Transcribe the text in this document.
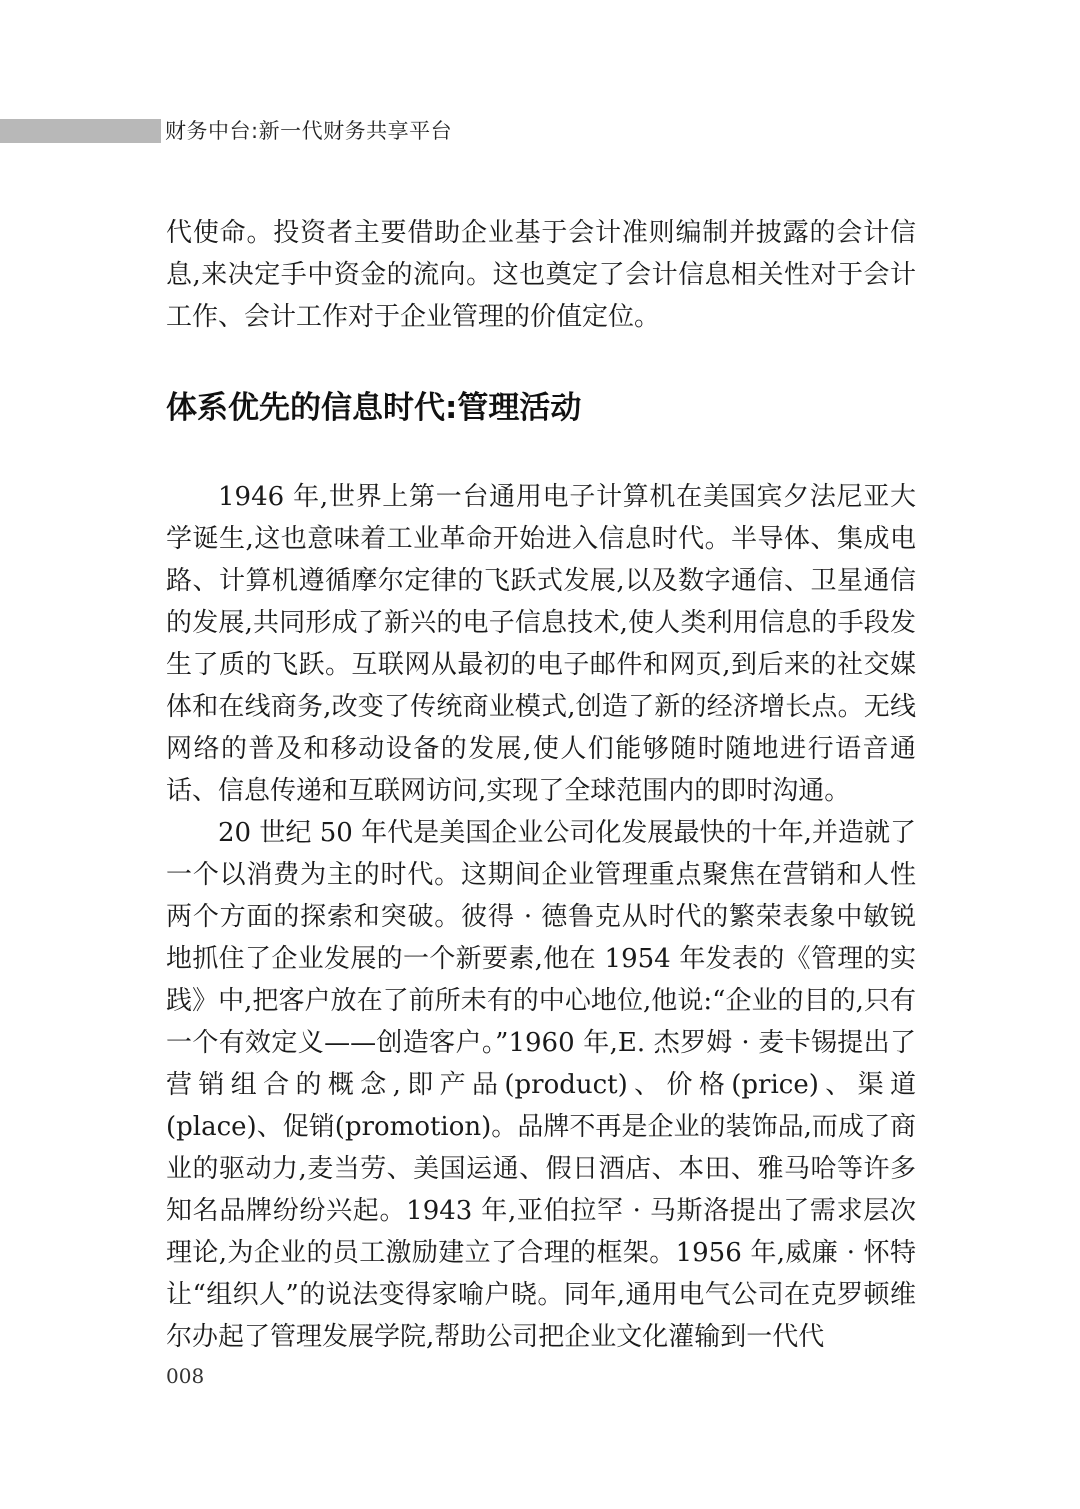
财务中台:新一代财务共享平台

代使命。投资者主要借助企业基于会计准则编制并披露的会计信息,来决定手中资金的流向。这也奠定了会计信息相关性对于会计工作、会计工作对于企业管理的价值定位。

体系优先的信息时代:管理活动

1946 年,世界上第一台通用电子计算机在美国宾夕法尼亚大学诞生,这也意味着工业革命开始进入信息时代。半导体、集成电路、计算机遵循摩尔定律的飞跃式发展,以及数字通信、卫星通信的发展,共同形成了新兴的电子信息技术,使人类利用信息的手段发生了质的飞跃。互联网从最初的电子邮件和网页,到后来的社交媒体和在线商务,改变了传统商业模式,创造了新的经济增长点。无线网络的普及和移动设备的发展,使人们能够随时随地进行语音通话、信息传递和互联网访问,实现了全球范围内的即时沟通。

20 世纪 50 年代是美国企业公司化发展最快的十年,并造就了一个以消费为主的时代。这期间企业管理重点聚焦在营销和人性两个方面的探索和突破。彼得 · 德鲁克从时代的繁荣表象中敏锐地抓住了企业发展的一个新要素,他在 1954 年发表的《管理的实践》中,把客户放在了前所未有的中心地位,他说:“企业的目的,只有一个有效定义——创造客户。”1960 年,E. 杰罗姆 · 麦卡锡提出了营销组合的概念,即产品(product)、价格(price)、渠道(place)、促销(promotion)。品牌不再是企业的装饰品,而成了商业的驱动力,麦当劳、美国运通、假日酒店、本田、雅马哈等许多知名品牌纷纷兴起。1943 年,亚伯拉罕 · 马斯洛提出了需求层次理论,为企业的员工激励建立了合理的框架。1956 年,威廉 · 怀特让“组织人”的说法变得家喻户晓。同年,通用电气公司在克罗顿维尔办起了管理发展学院,帮助公司把企业文化灌输到一代代

008
